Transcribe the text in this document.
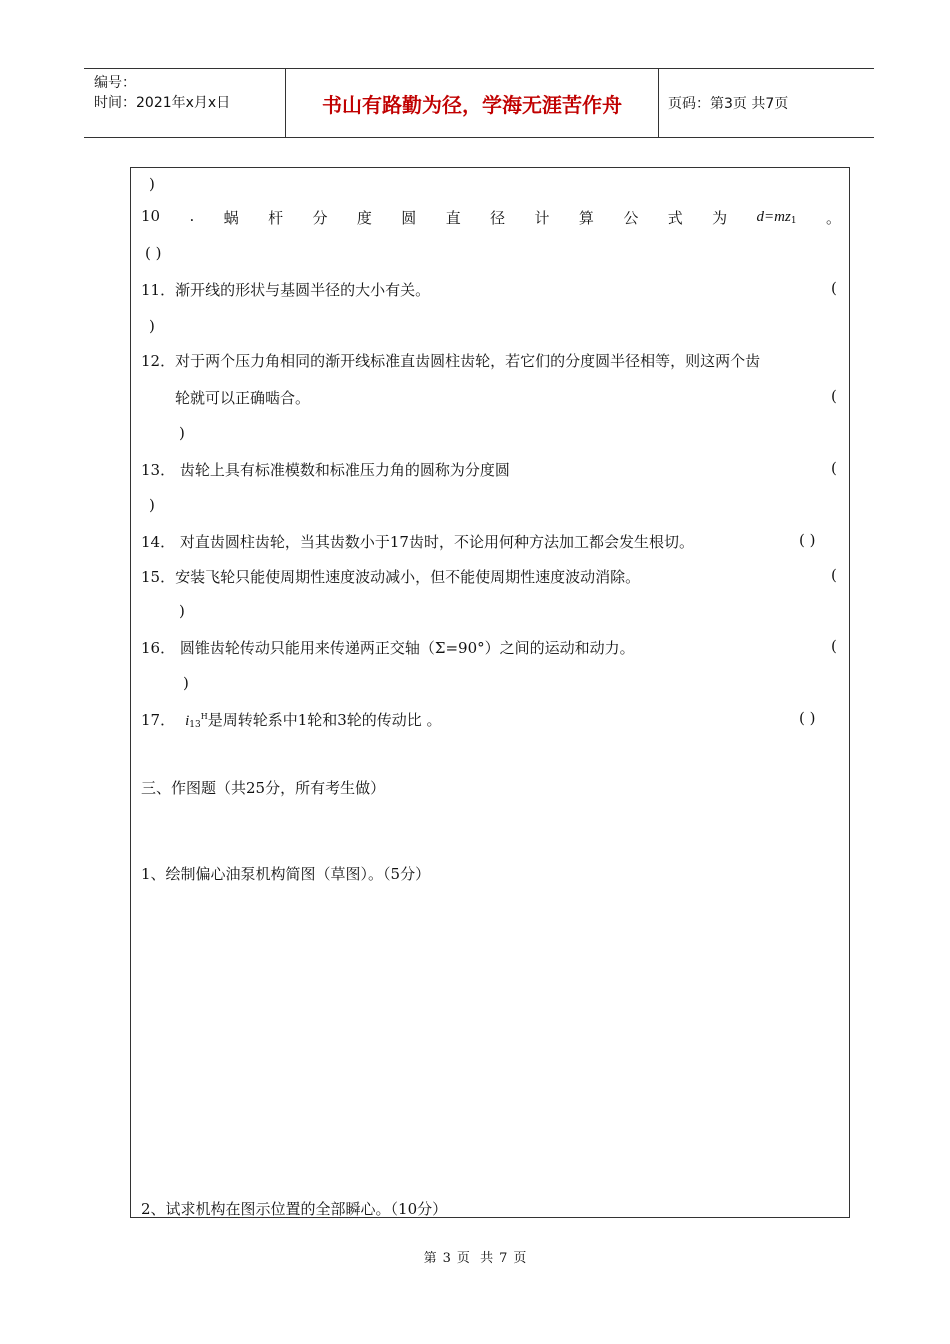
编号：
时间：2021年x月x日	书山有路勤为径，学海无涯苦作舟	页码：第3页 共7页
)
10 . 蜗 杆 分 度 圆 直 径 计 算 公 式 为 $d=mz_1$ 。
( )
11．渐开线的形状与基圆半径的大小有关。	(
)
12．对于两个压力角相同的渐开线标准直齿圆柱齿轮，若它们的分度圆半径相等，则这两个齿
轮就可以正确啮合。	(
)
13． 齿轮上具有标准模数和标准压力角的圆称为分度圆	(
)
14． 对直齿圆柱齿轮，当其齿数小于17齿时，不论用何种方法加工都会发生根切。	( )
15．安装飞轮只能使周期性速度波动减小，但不能使周期性速度波动消除。	(
)
16． 圆锥齿轮传动只能用来传递两正交轴（Σ=90°）之间的运动和动力。	(
)
17． $i_{13}^H$是周转轮系中1轮和3轮的传动比 。	( )
三、作图题（共25分，所有考生做）
1、绘制偏心油泵机构简图（草图）。（5分）
2、试求机构在图示位置的全部瞬心。（10分）
第 3 页 共 7 页
